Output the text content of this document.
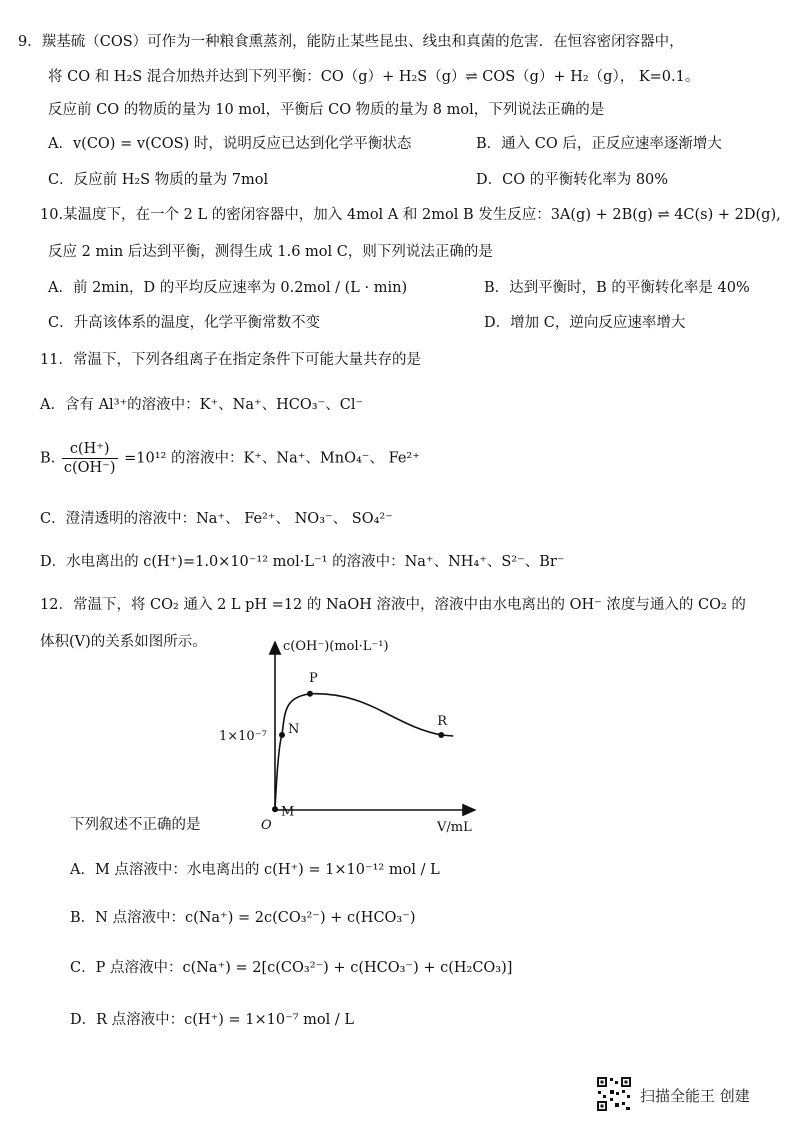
9．羰基硫（COS）可作为一种粮食熏蒸剂，能防止某些昆虫、线虫和真菌的危害．在恒容密闭容器中，
将 CO 和 H₂S 混合加热并达到下列平衡：CO（g）+ H₂S（g）⇌ COS（g）+ H₂（g）， K=0.1。
反应前 CO 的物质的量为 10 mol，平衡后 CO 物质的量为 8 mol，下列说法正确的是
A．v(CO) = v(COS) 时，说明反应已达到化学平衡状态	B．通入 CO 后，正反应速率逐渐增大
C．反应前 H₂S 物质的量为 7mol	D．CO 的平衡转化率为 80%
10.某温度下，在一个 2 L 的密闭容器中，加入 4mol A 和 2mol B 发生反应：3A(g) + 2B(g) ⇌ 4C(s) + 2D(g),
反应 2 min 后达到平衡，测得生成 1.6 mol C，则下列说法正确的是
A．前 2min，D 的平均反应速率为 0.2mol / (L · min)	B．达到平衡时，B 的平衡转化率是 40%
C．升高该体系的温度，化学平衡常数不变	D．增加 C，逆向反应速率增大
11．常温下，下列各组离子在指定条件下可能大量共存的是
A．含有 Al³⁺的溶液中：K⁺、Na⁺、HCO₃⁻、Cl⁻
B. $\frac{c(H^+)}{c(OH^-)} =10^{12}$ 的溶液中：K⁺、Na⁺、MnO₄⁻、 Fe²⁺
C．澄清透明的溶液中：Na⁺、 Fe²⁺、 NO₃⁻、 SO₄²⁻
D．水电离出的 c(H⁺)=1.0×10⁻¹² mol·L⁻¹ 的溶液中：Na⁺、NH₄⁺、S²⁻、Br⁻
12．常温下，将 CO₂ 通入 2 L pH =12 的 NaOH 溶液中，溶液中由水电离出的 OH⁻ 浓度与通入的 CO₂ 的
体积(V)的关系如图所示。	c(OH⁻)(mol·L⁻¹)
V/mL
O
1×10⁻⁷
M
N
P
R
下列叙述不正确的是
A．M 点溶液中：水电离出的 c(H⁺) = 1×10⁻¹² mol / L
B．N 点溶液中：c(Na⁺) = 2c(CO₃²⁻) + c(HCO₃⁻)
C．P 点溶液中：c(Na⁺) = 2[c(CO₃²⁻) + c(HCO₃⁻) + c(H₂CO₃)]
D．R 点溶液中：c(H⁺) = 1×10⁻⁷ mol / L
扫描全能王 创建
